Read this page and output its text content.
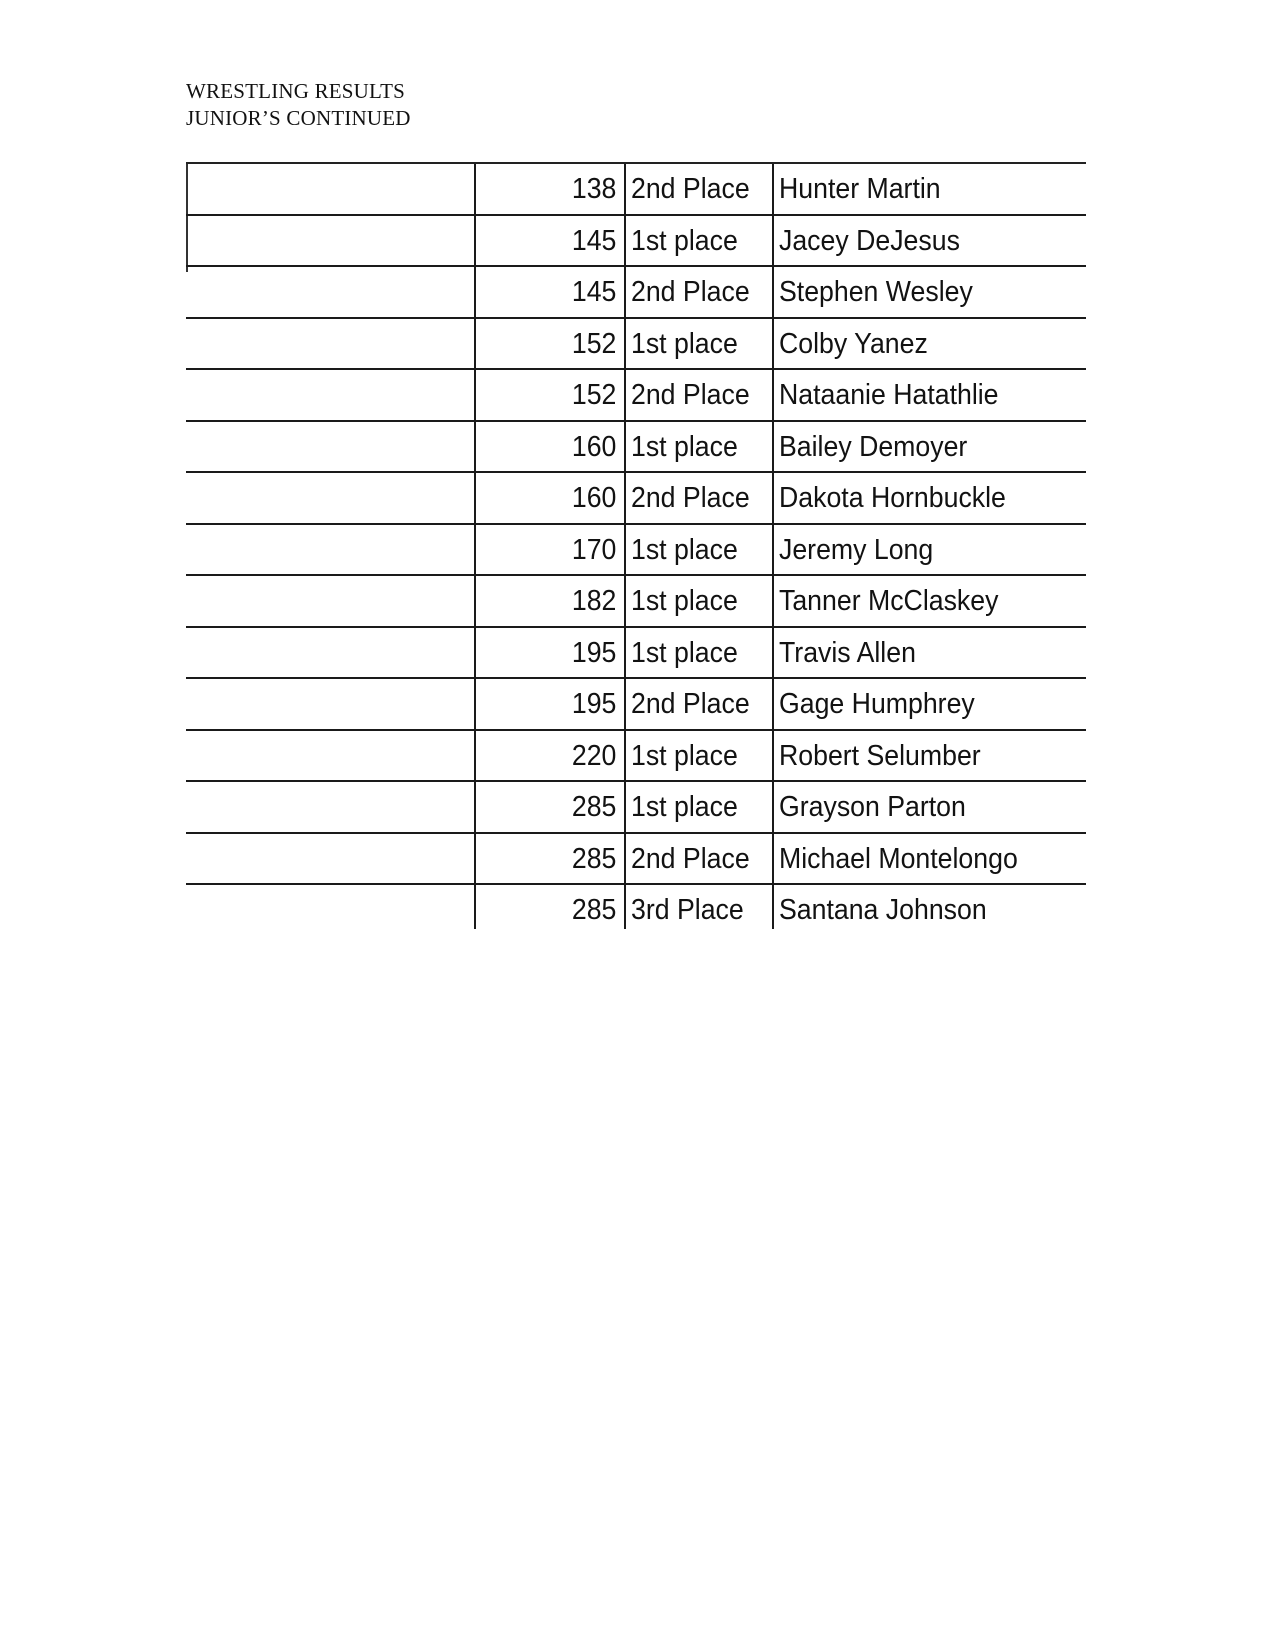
WRESTLING RESULTS
JUNIOR’S CONTINUED
138 2nd Place	Hunter Martin
145 1st place	Jacey DeJesus
145 2nd Place	Stephen Wesley
152 1st place	Colby Yanez
152 2nd Place	Nataanie Hatathlie
160 1st place	Bailey Demoyer
160 2nd Place	Dakota Hornbuckle
170 1st place	Jeremy Long
182 1st place	Tanner McClaskey
195 1st place	Travis Allen
195 2nd Place	Gage Humphrey
220 1st place	Robert Selumber
285 1st place	Grayson Parton
285 2nd Place	Michael Montelongo
285 3rd Place	Santana Johnson
